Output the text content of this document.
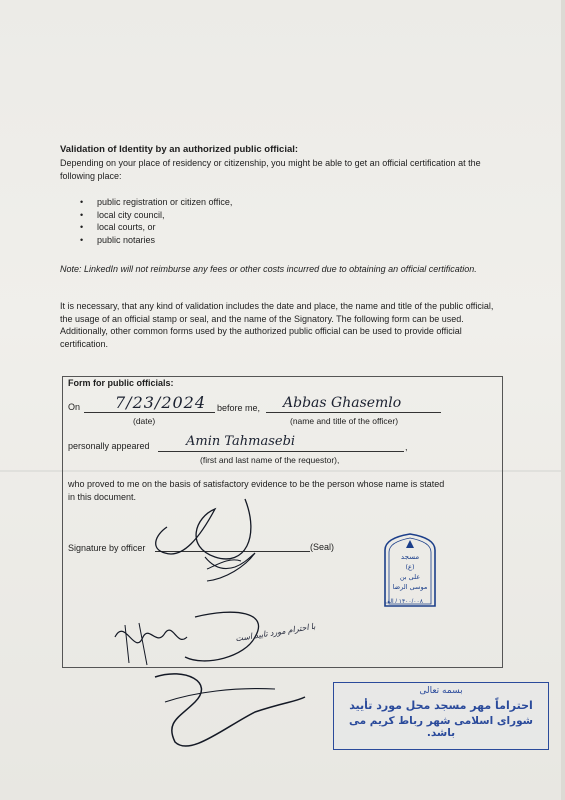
Validation of Identity by an authorized public official:
Depending on your place of residency or citizenship, you might be able to get an official certification at the following place:
• public registration or citizen office,
• local city council,
• local courts, or
• public notaries
Note: LinkedIn will not reimburse any fees or other costs incurred due to obtaining an official certification.
It is necessary, that any kind of validation includes the date and place, the name and title of the public official, the usage of an official stamp or seal, and the name of the Signatory. The following form can be used. Additionally, other common forms used by the authorized public official can be used to provide official certification.
Form for public officials:
On 7/23/2024 before me, Abbas Ghasemlo
(date)	(name and title of the officer)
personally appeared	,
Amin Tahmasebi
(first and last name of the requestor),
who proved to me on the basis of satisfactory evidence to be the person whose name is stated in this document.
Signature by officer	(Seal)
مسجد
(ع)
علی بن
موسی الرضا
۱۴۰۰/۰۰۸ / الف
با احترام مورد تایید است
بسمه تعالی
احتراماً مهر مسجد محل مورد تأیید
شورای اسلامی شهر رباط کریم می باشد.
